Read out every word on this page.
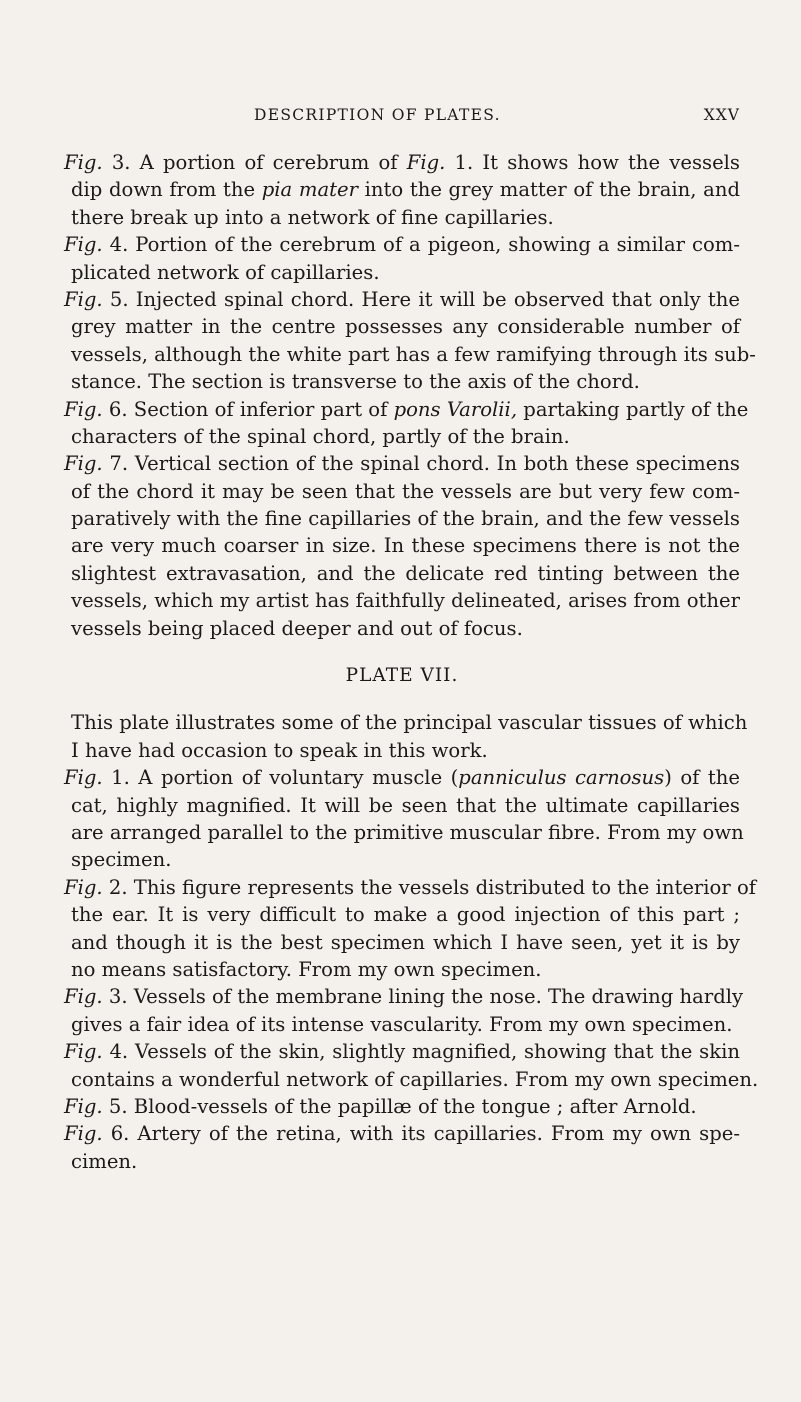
DESCRIPTION OF PLATES.	XXV
Fig. 3. A portion of cerebrum of Fig. 1. It shows how the vessels
dip down from the pia mater into the grey matter of the brain, and
there break up into a network of fine capillaries.
Fig. 4. Portion of the cerebrum of a pigeon, showing a similar com-
plicated network of capillaries.
Fig. 5. Injected spinal chord. Here it will be observed that only the
grey matter in the centre possesses any considerable number of
vessels, although the white part has a few ramifying through its sub-
stance. The section is transverse to the axis of the chord.
Fig. 6. Section of inferior part of pons Varolii, partaking partly of the
characters of the spinal chord, partly of the brain.
Fig. 7. Vertical section of the spinal chord. In both these specimens
of the chord it may be seen that the vessels are but very few com-
paratively with the fine capillaries of the brain, and the few vessels
are very much coarser in size. In these specimens there is not the
slightest extravasation, and the delicate red tinting between the
vessels, which my artist has faithfully delineated, arises from other
vessels being placed deeper and out of focus.
PLATE VII.
This plate illustrates some of the principal vascular tissues of which
I have had occasion to speak in this work.
Fig. 1. A portion of voluntary muscle (panniculus carnosus) of the
cat, highly magnified. It will be seen that the ultimate capillaries
are arranged parallel to the primitive muscular fibre. From my own
specimen.
Fig. 2. This figure represents the vessels distributed to the interior of
the ear. It is very difficult to make a good injection of this part ;
and though it is the best specimen which I have seen, yet it is by
no means satisfactory. From my own specimen.
Fig. 3. Vessels of the membrane lining the nose. The drawing hardly
gives a fair idea of its intense vascularity. From my own specimen.
Fig. 4. Vessels of the skin, slightly magnified, showing that the skin
contains a wonderful network of capillaries. From my own specimen.
Fig. 5. Blood-vessels of the papillæ of the tongue ; after Arnold.
Fig. 6. Artery of the retina, with its capillaries. From my own spe-
cimen.
